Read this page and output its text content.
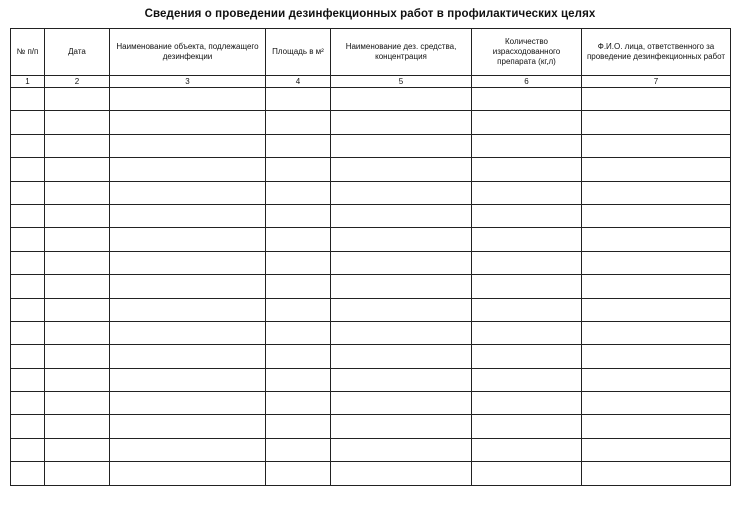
Сведения о проведении дезинфекционных работ в профилактических целях
№ п/п	Дата	Наименование объекта, подлежащего дезинфекции	Площадь в м²	Наименование дез. средства, концентрация	Количество израсходованного препарата (кг,л)	Ф.И.О. лица, ответственного за проведение дезинфекционных работ

1	2	3	4	5	6	7
